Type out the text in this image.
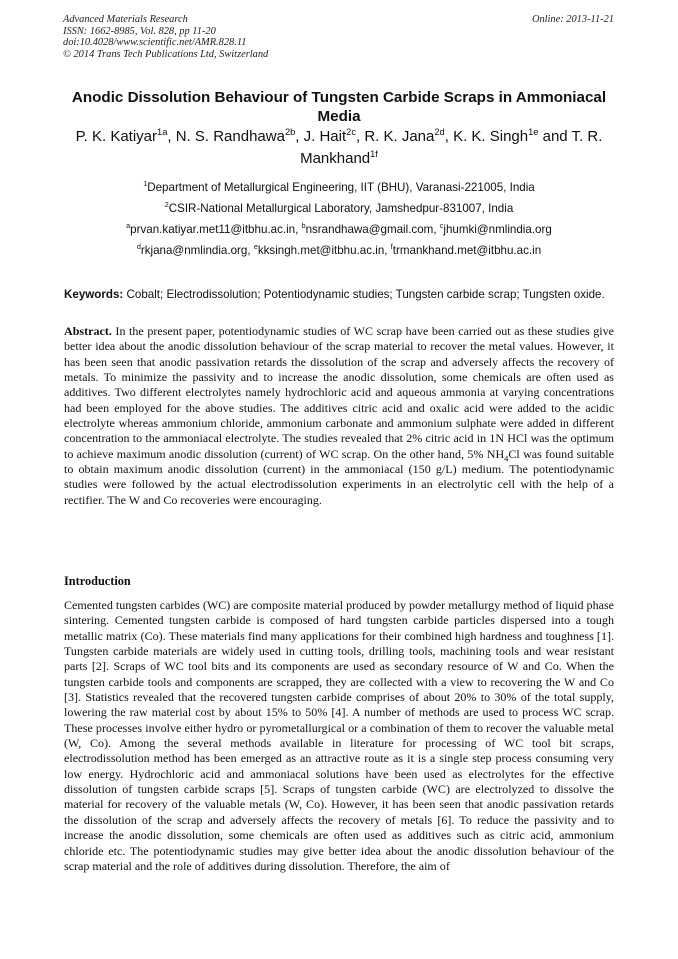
Advanced Materials Research
ISSN: 1662-8985, Vol. 828, pp 11-20
doi:10.4028/www.scientific.net/AMR.828.11
© 2014 Trans Tech Publications Ltd, Switzerland
Online: 2013-11-21
Anodic Dissolution Behaviour of Tungsten Carbide Scraps in Ammoniacal Media
P. K. Katiyar$^{1a}$, N. S. Randhawa$^{2b}$, J. Hait$^{2c}$, R. K. Jana$^{2d}$, K. K. Singh$^{1e}$ and T. R. Mankhand$^{1f}$
$^1$Department of Metallurgical Engineering, IIT (BHU), Varanasi-221005, India
$^2$CSIR-National Metallurgical Laboratory, Jamshedpur-831007, India
$^a$prvan.katiyar.met11@itbhu.ac.in, $^b$nsrandhawa@gmail.com, $^c$jhumki@nmlindia.org
$^d$rkjana@nmlindia.org, $^e$kksingh.met@itbhu.ac.in, $^f$trmankhand.met@itbhu.ac.in
Keywords: Cobalt; Electrodissolution; Potentiodynamic studies; Tungsten carbide scrap; Tungsten oxide.
Abstract. In the present paper, potentiodynamic studies of WC scrap have been carried out as these studies give better idea about the anodic dissolution behaviour of the scrap material to recover the metal values. However, it has been seen that anodic passivation retards the dissolution of the scrap and adversely affects the recovery of metals. To minimize the passivity and to increase the anodic dissolution, some chemicals are often used as additives. Two different electrolytes namely hydrochloric acid and aqueous ammonia at varying concentrations had been employed for the above studies. The additives citric acid and oxalic acid were added to the acidic electrolyte whereas ammonium chloride, ammonium carbonate and ammonium sulphate were added in different concentration to the ammoniacal electrolyte. The studies revealed that 2% citric acid in 1N HCl was the optimum to achieve maximum anodic dissolution (current) of WC scrap. On the other hand, 5% $NH_4Cl$ was found suitable to obtain maximum anodic dissolution (current) in the ammoniacal (150 g/L) medium. The potentiodynamic studies were followed by the actual electrodissolution experiments in an electrolytic cell with the help of a rectifier. The W and Co recoveries were encouraging.
Introduction
Cemented tungsten carbides (WC) are composite material produced by powder metallurgy method of liquid phase sintering. Cemented tungsten carbide is composed of hard tungsten carbide particles dispersed into a tough metallic matrix (Co). These materials find many applications for their combined high hardness and toughness [1]. Tungsten carbide materials are widely used in cutting tools, drilling tools, machining tools and wear resistant parts [2]. Scraps of WC tool bits and its components are used as secondary resource of W and Co. When the tungsten carbide tools and components are scrapped, they are collected with a view to recovering the W and Co [3]. Statistics revealed that the recovered tungsten carbide comprises of about 20% to 30% of the total supply, lowering the raw material cost by about 15% to 50% [4]. A number of methods are used to process WC scrap. These processes involve either hydro or pyrometallurgical or a combination of them to recover the valuable metal (W, Co). Among the several methods available in literature for processing of WC tool bit scraps, electrodissolution method has been emerged as an attractive route as it is a single step process consuming very low energy. Hydrochloric acid and ammoniacal solutions have been used as electrolytes for the effective dissolution of tungsten carbide scraps [5]. Scraps of tungsten carbide (WC) are electrolyzed to dissolve the material for recovery of the valuable metals (W, Co). However, it has been seen that anodic passivation retards the dissolution of the scrap and adversely affects the recovery of metals [6]. To reduce the passivity and to increase the anodic dissolution, some chemicals are often used as additives such as citric acid, ammonium chloride etc. The potentiodynamic studies may give better idea about the anodic dissolution behaviour of the scrap material and the role of additives during dissolution. Therefore, the aim of
